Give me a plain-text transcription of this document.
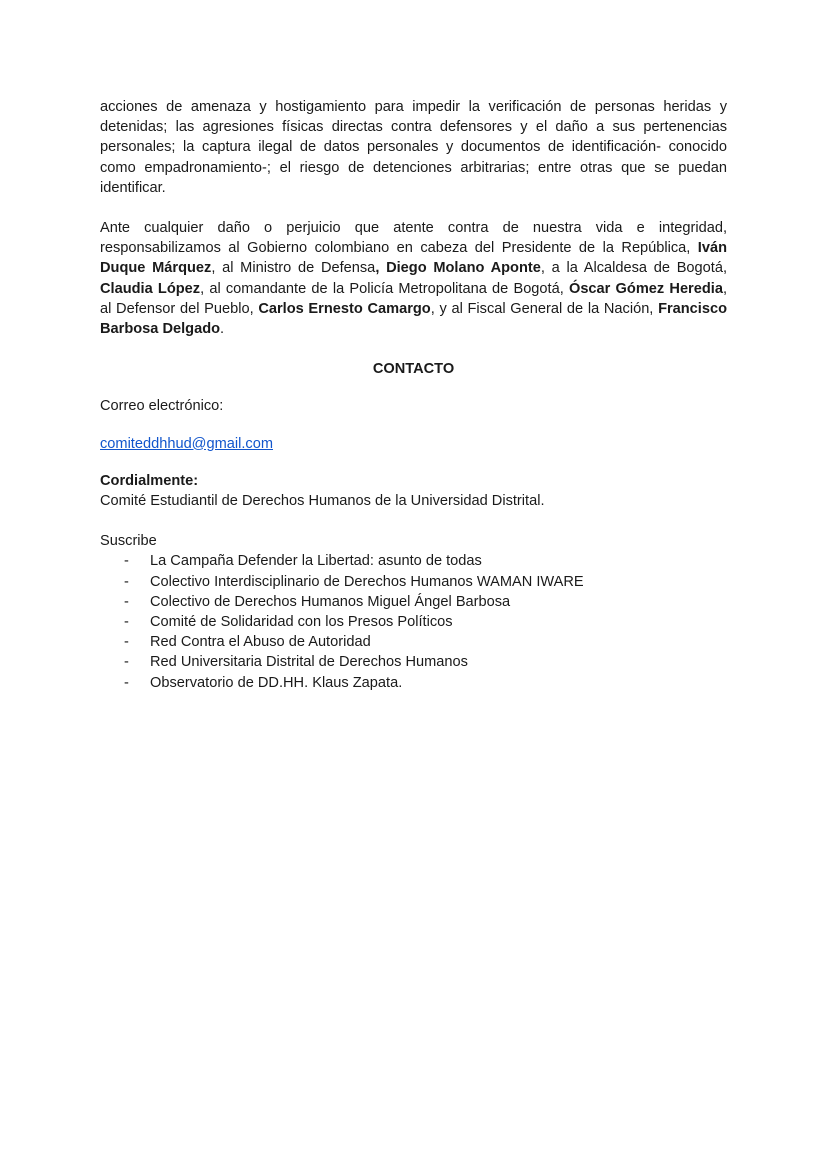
acciones de amenaza y hostigamiento para impedir la verificación de personas heridas y detenidas; las agresiones físicas directas contra defensores y el daño a sus pertenencias personales; la captura ilegal de datos personales y documentos de identificación- conocido como empadronamiento-; el riesgo de detenciones arbitrarias; entre otras que se puedan identificar.

Ante cualquier daño o perjuicio que atente contra de nuestra vida e integridad, responsabilizamos al Gobierno colombiano en cabeza del Presidente de la República, Iván Duque Márquez, al Ministro de Defensa, Diego Molano Aponte, a la Alcaldesa de Bogotá, Claudia López, al comandante de la Policía Metropolitana de Bogotá, Óscar Gómez Heredia, al Defensor del Pueblo, Carlos Ernesto Camargo, y al Fiscal General de la Nación, Francisco Barbosa Delgado.

CONTACTO

Correo electrónico:

comiteddhhud@gmail.com

Cordialmente:

Comité Estudiantil de Derechos Humanos de la Universidad Distrital.

Suscribe

- La Campaña Defender la Libertad: asunto de todas
- Colectivo Interdisciplinario de Derechos Humanos WAMAN IWARE
- Colectivo de Derechos Humanos Miguel Ángel Barbosa
- Comité de Solidaridad con los Presos Políticos
- Red Contra el Abuso de Autoridad
- Red Universitaria Distrital de Derechos Humanos
- Observatorio de DD.HH. Klaus Zapata.
